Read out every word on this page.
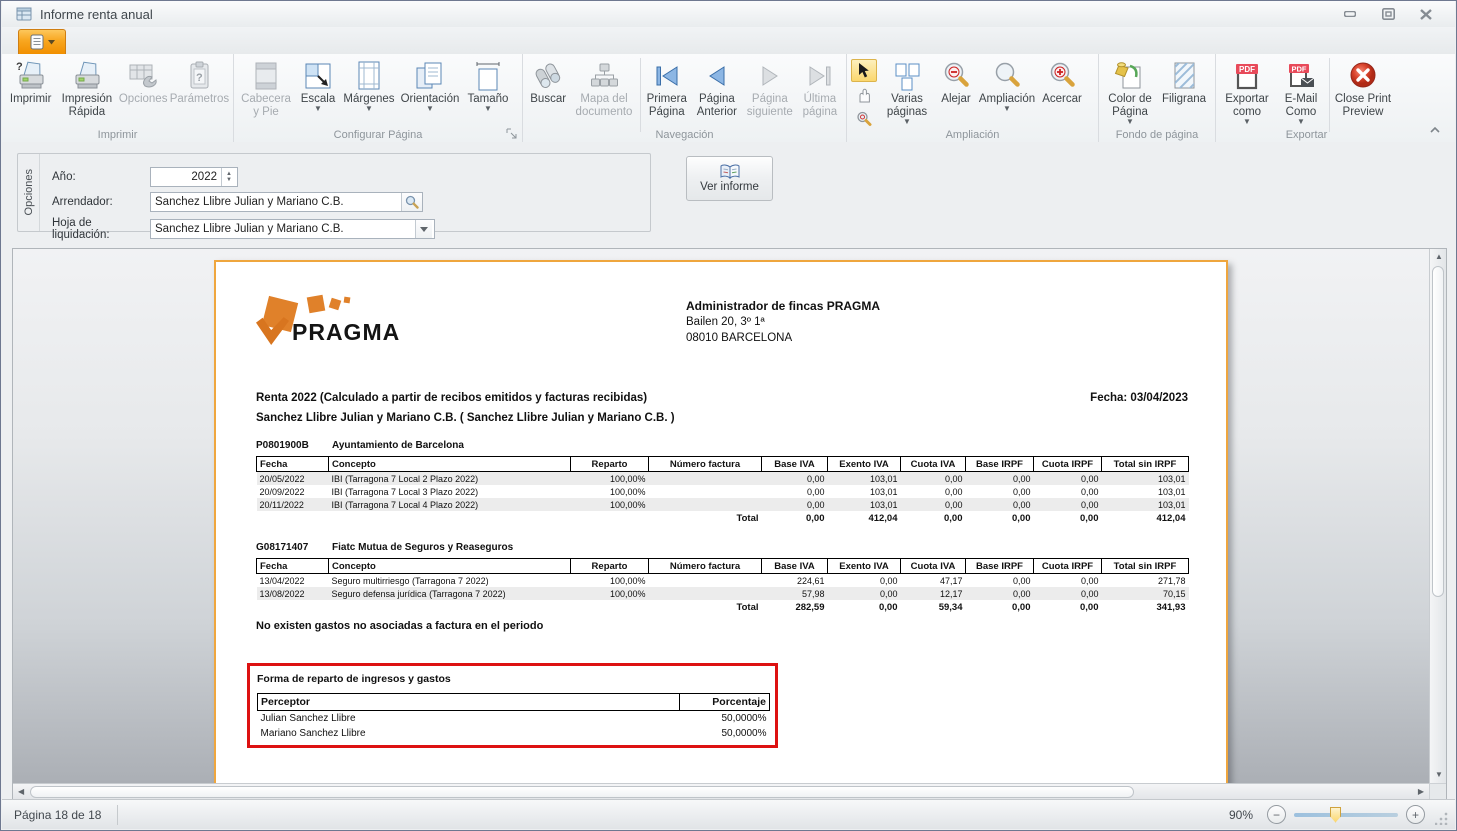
Informe renta anual
?
Imprimir Impresión Rápida
Opciones
?
Parámetros
Imprimir
Cabecera y Pie
Escala
▼
Márgenes
▼
Orientación
▼
Tamaño
▼
Configurar Página
Buscar	Mapa del documento
Primera Página
Página Anterior
Página siguiente
Última página
Navegación
Varias páginas
▼
Alejar Ampliación
▼
Acercar
Ampliación
Color de Página
▼
Filigrana
Fondo de página
PDF
Exportar como
▼
PDF
E-Mail Como
▼
Close Print Preview
Exportar
Opciones Año:
2022	▲
▼
Arrendador:
Sanchez Llibre Julian y Mariano C.B.
Hoja de liquidación:
Sanchez Llibre Julian y Mariano C.B.
Ver informe
PRAGMA
Administrador de fincas PRAGMA
Bailen 20, 3º 1ª
08010 BARCELONA
Renta 2022 (Calculado a partir de recibos emitidos y facturas recibidas)	Fecha: 03/04/2023
Sanchez Llibre Julian y Mariano C.B. ( Sanchez Llibre Julian y Mariano C.B. )
P0801900B	Ayuntamiento de Barcelona
Fecha	Concepto	Reparto	Número factura	Base IVA	Exento IVA	Cuota IVA	Base IRPF	Cuota IRPF	Total sin IRPF
20/05/2022	IBI (Tarragona 7 Local 2 Plazo 2022)	100,00%		0,00	103,01	0,00	0,00	0,00	103,01
20/09/2022	IBI (Tarragona 7 Local 3 Plazo 2022)	100,00%		0,00	103,01	0,00	0,00	0,00	103,01
20/11/2022	IBI (Tarragona 7 Local 4 Plazo 2022)	100,00%		0,00	103,01	0,00	0,00	0,00	103,01
			Total	0,00	412,04	0,00	0,00	0,00	412,04
G08171407	Fiatc Mutua de Seguros y Reaseguros
Fecha	Concepto	Reparto	Número factura	Base IVA	Exento IVA	Cuota IVA	Base IRPF	Cuota IRPF	Total sin IRPF
13/04/2022	Seguro multirriesgo (Tarragona 7 2022)	100,00%		224,61	0,00	47,17	0,00	0,00	271,78
13/08/2022	Seguro defensa jurídica (Tarragona 7 2022)	100,00%		57,98	0,00	12,17	0,00	0,00	70,15
			Total	282,59	0,00	59,34	0,00	0,00	341,93
No existen gastos no asociadas a factura en el periodo
Forma de reparto de ingresos y gastos
Perceptor	Porcentaje
Julian Sanchez Llibre	50,0000%
Mariano Sanchez Llibre	50,0000%
▲
▼
◀	▶
Página 18 de 18	90% −	+
